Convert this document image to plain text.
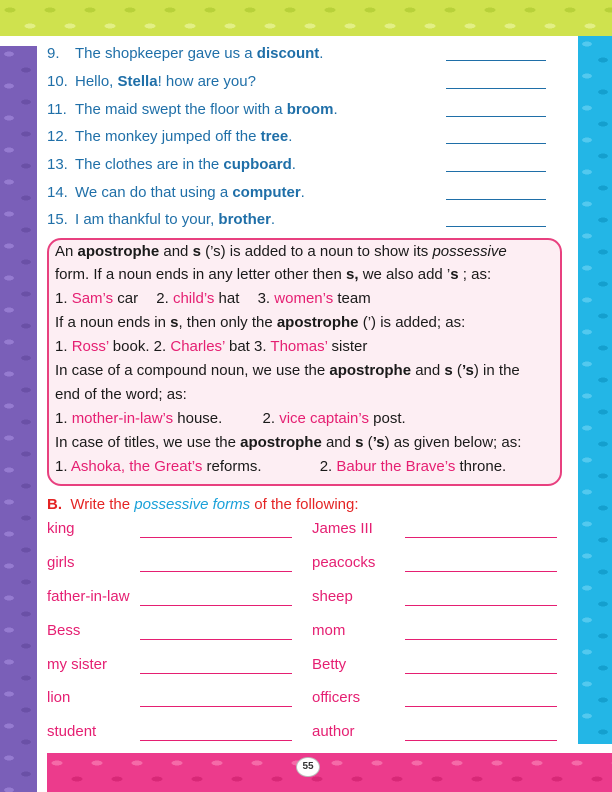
55
9. The shopkeeper gave us a discount.
10. Hello, Stella! how are you?
11. The maid swept the floor with a broom.
12. The monkey jumped off the tree.
13. The clothes are in the cupboard.
14. We can do that using a computer.
15. I am thankful to your, brother.
An apostrophe and s (’s) is added to a noun to show its possessive
form. If a noun ends in any letter other then s, we also add ’s ; as:
1. Sam’s car 2. child’s hat 3. women’s team
If a noun ends in s, then only the apostrophe (’) is added; as:
1. Ross’ book. 2. Charles’ bat 3. Thomas’ sister
In case of a compound noun, we use the apostrophe and s (’s) in the
end of the word; as:
1. mother-in-law’s house.	2. vice captain’s post.
In case of titles, we use the apostrophe and s (’s) as given below; as:
1. Ashoka, the Great’s reforms.	2. Babur the Brave’s throne.
B. Write the possessive forms of the following:
king
girls
father-in-law
Bess
my sister
lion
student
James III
peacocks
sheep
mom
Betty
officers
author
